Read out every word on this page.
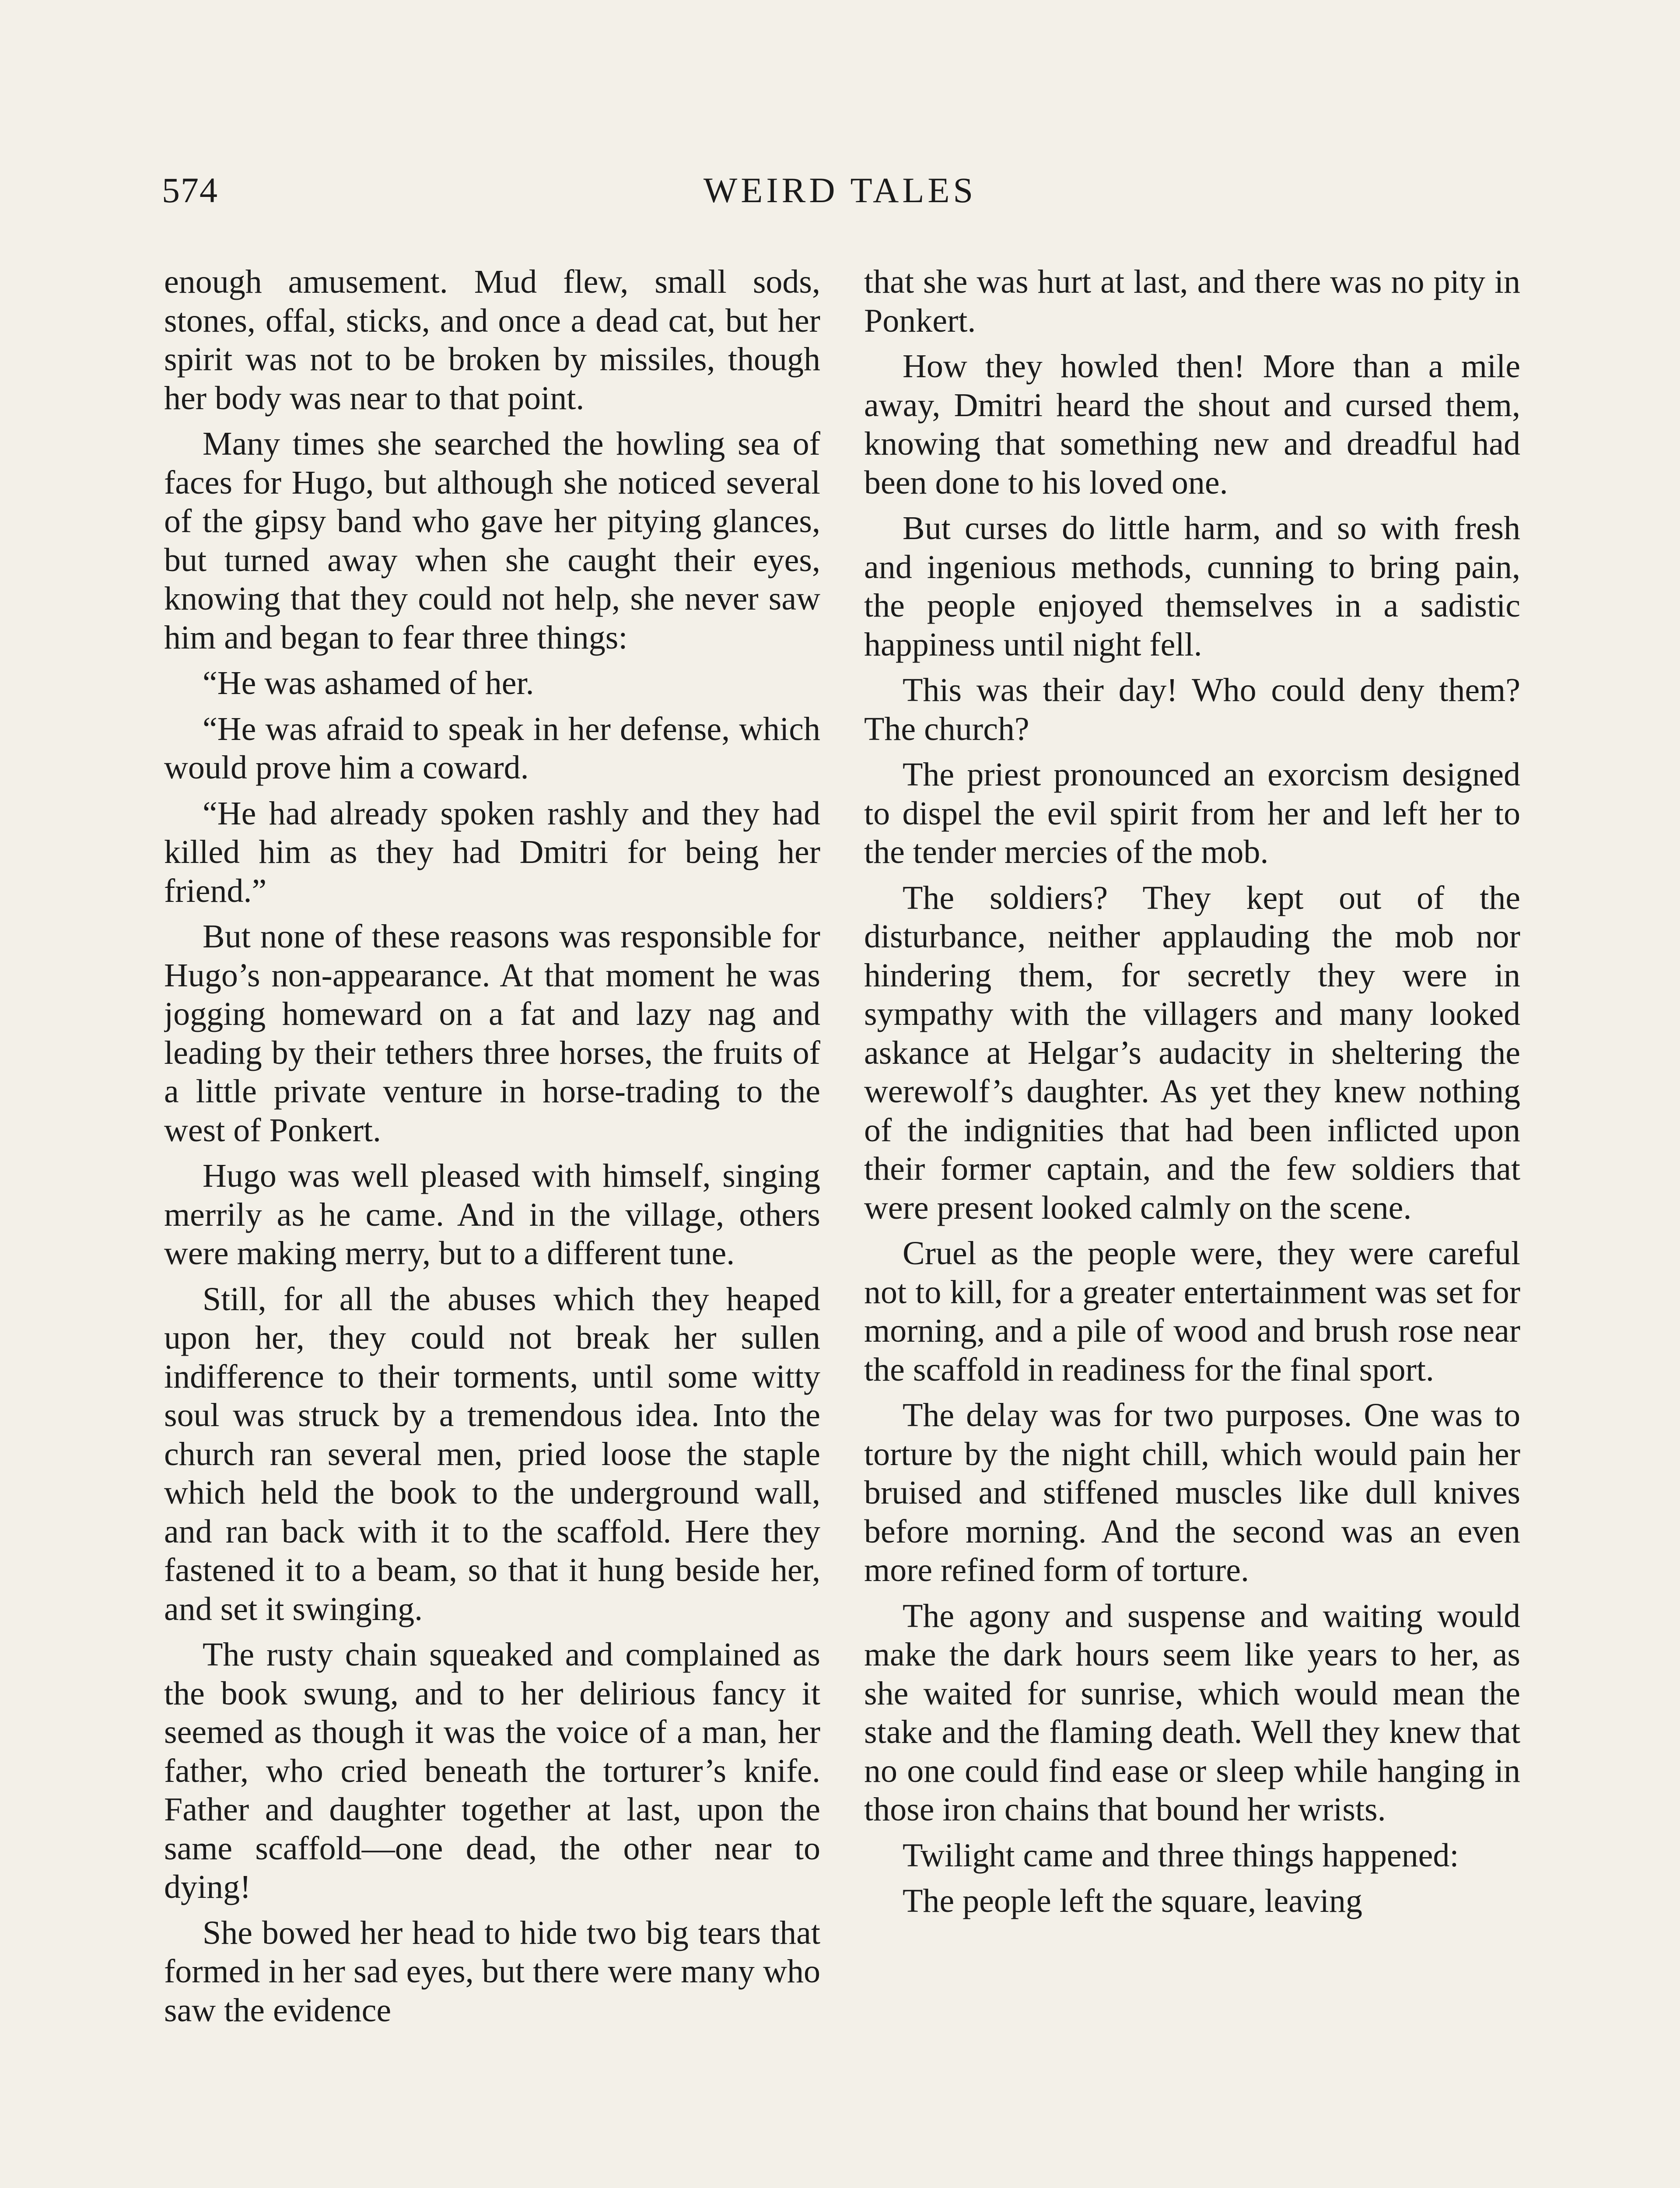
574	WEIRD TALES

enough amusement. Mud flew, small sods, stones, offal, sticks, and once a dead cat, but her spirit was not to be broken by missiles, though her body was near to that point.

Many times she searched the howling sea of faces for Hugo, but although she noticed several of the gipsy band who gave her pitying glances, but turned away when she caught their eyes, knowing that they could not help, she never saw him and began to fear three things:

“He was ashamed of her.

“He was afraid to speak in her defense, which would prove him a coward.

“He had already spoken rashly and they had killed him as they had Dmitri for being her friend.”

But none of these reasons was responsible for Hugo’s non-appearance. At that moment he was jogging homeward on a fat and lazy nag and leading by their tethers three horses, the fruits of a little private venture in horse-trading to the west of Ponkert.

Hugo was well pleased with himself, singing merrily as he came. And in the village, others were making merry, but to a different tune.

Still, for all the abuses which they heaped upon her, they could not break her sullen indifference to their torments, until some witty soul was struck by a tremendous idea. Into the church ran several men, pried loose the staple which held the book to the underground wall, and ran back with it to the scaffold. Here they fastened it to a beam, so that it hung beside her, and set it swinging.

The rusty chain squeaked and complained as the book swung, and to her delirious fancy it seemed as though it was the voice of a man, her father, who cried beneath the torturer’s knife. Father and daughter together at last, upon the same scaffold—one dead, the other near to dying!

She bowed her head to hide two big tears that formed in her sad eyes, but there were many who saw the evidence

that she was hurt at last, and there was no pity in Ponkert.

How they howled then! More than a mile away, Dmitri heard the shout and cursed them, knowing that something new and dreadful had been done to his loved one.

But curses do little harm, and so with fresh and ingenious methods, cunning to bring pain, the people enjoyed themselves in a sadistic happiness until night fell.

This was their day! Who could deny them? The church?

The priest pronounced an exorcism designed to dispel the evil spirit from her and left her to the tender mercies of the mob.

The soldiers? They kept out of the disturbance, neither applauding the mob nor hindering them, for secretly they were in sympathy with the villagers and many looked askance at Helgar’s audacity in sheltering the werewolf’s daughter. As yet they knew nothing of the indignities that had been inflicted upon their former captain, and the few soldiers that were present looked calmly on the scene.

Cruel as the people were, they were careful not to kill, for a greater entertainment was set for morning, and a pile of wood and brush rose near the scaffold in readiness for the final sport.

The delay was for two purposes. One was to torture by the night chill, which would pain her bruised and stiffened muscles like dull knives before morning. And the second was an even more refined form of torture.

The agony and suspense and waiting would make the dark hours seem like years to her, as she waited for sunrise, which would mean the stake and the flaming death. Well they knew that no one could find ease or sleep while hanging in those iron chains that bound her wrists.

Twilight came and three things happened:

The people left the square, leaving
